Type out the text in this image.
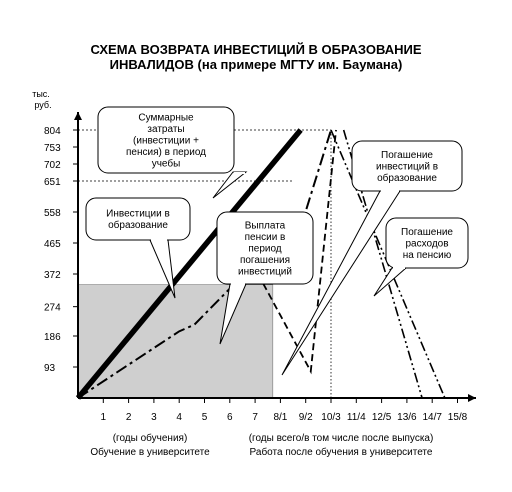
СХЕМА ВОЗВРАТА ИНВЕСТИЦИЙ В ОБРАЗОВАНИЕ
ИНВАЛИДОВ (на примере МГТУ им. Баумана)
тыс.
руб.
93
186
274
372
465
558
651
702
753
804
1 2 3 4 5 6 7 8/1 9/2 10/3 11/4 12/5 13/6 14/7 15/8
(годы обучения)
Обучение в университете
(годы всего/в том числе после выпуска)
Работа после обучения в университете
Суммарные
затраты
(инвестиции +
пенсия) в период
учебы
Инвестиции в
образование	Выплата
пенсии в
период
погашения
инвестиций
Погашение
инвестиций в
образование
Погашение
расходов
на пенсию
